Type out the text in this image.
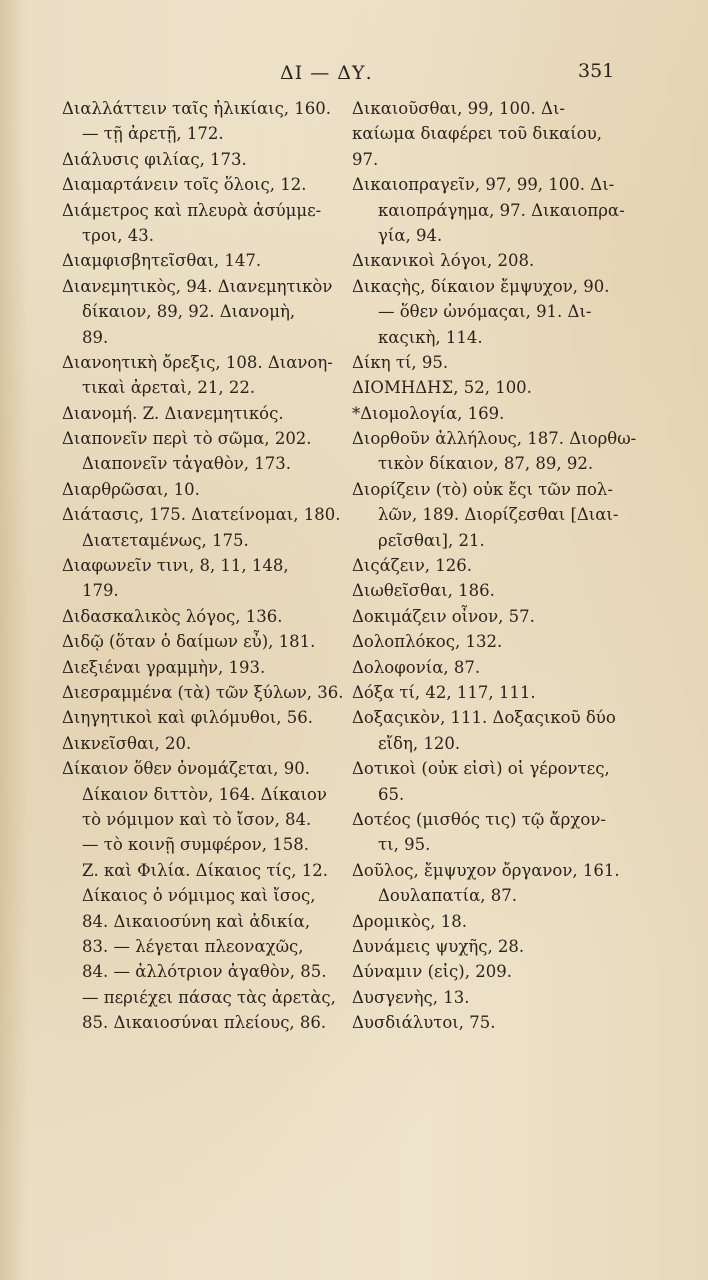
ΔΙ — ΔΥ.	351
Διαλλάττειν ταῖς ἡλικίαις, 160.
— τῇ ἀρετῇ, 172.
Διάλυσις φιλίας, 173.
Διαμαρτάνειν τοῖς ὅλοις, 12.
Διάμετρος καὶ πλευρὰ ἀσύμμε-
τροι, 43.
Διαμφισβητεῖσθαι, 147.
Διανεμητικὸς, 94. Διανεμητικὸν
δίκαιον, 89, 92. Διανομὴ,
89.
Διανοητικὴ ὄρεξις, 108. Διανοη-
τικαὶ ἀρεταὶ, 21, 22.
Διανομή. Ζ. Διανεμητικός.
Διαπονεῖν περὶ τὸ σῶμα, 202.
Διαπονεῖν τἀγαθὸν, 173.
Διαρθρῶσαι, 10.
Διάτασις, 175. Διατείνομαι, 180.
Διατεταμένως, 175.
Διαφωνεῖν τινι, 8, 11, 148,
179.
Διδασκαλικὸς λόγος, 136.
Διδῷ (ὅταν ὁ δαίμων εὖ), 181.
Διεξιέναι γραμμὴν, 193.
Διεσραμμένα (τὰ) τῶν ξύλων, 36.
Διηγητικοὶ καὶ φιλόμυθοι, 56.
Δικνεῖσθαι, 20.
Δίκαιον ὅθεν ὀνομάζεται, 90.
Δίκαιον διττὸν, 164. Δίκαιον
τὸ νόμιμον καὶ τὸ ἴσον, 84.
— τὸ κοινῇ συμφέρον, 158.
Ζ. καὶ Φιλία. Δίκαιος τίς, 12.
Δίκαιος ὁ νόμιμος καὶ ἴσος,
84. Δικαιοσύνη καὶ ἀδικία,
83. — λέγεται πλεοναχῶς,
84. — ἀλλότριον ἀγαθὸν, 85.
— περιέχει πάσας τὰς ἀρετὰς,
85. Δικαιοσύναι πλείους, 86.
Δικαιοῦσθαι, 99, 100. Δι-
καίωμα διαφέρει τοῦ δικαίου,
97.
Δικαιοπραγεῖν, 97, 99, 100. Δι-
καιοπράγημα, 97. Δικαιοπρα-
γία, 94.
Δικανικοὶ λόγοι, 208.
Δικαςὴς, δίκαιον ἔμψυχον, 90.
— ὅθεν ὠνόμαςαι, 91. Δι-
καςικὴ, 114.
Δίκη τί, 95.
ΔΙΟΜΗΔΗΣ, 52, 100.
*Διομολογία, 169.
Διορθοῦν ἀλλήλους, 187. Διορθω-
τικὸν δίκαιον, 87, 89, 92.
Διορίζειν (τὸ) οὐκ ἔςι τῶν πολ-
λῶν, 189. Διορίζεσθαι [Διαι-
ρεῖσθαι], 21.
Διςάζειν, 126.
Διωθεῖσθαι, 186.
Δοκιμάζειν οἶνον, 57.
Δολοπλόκος, 132.
Δολοφονία, 87.
Δόξα τί, 42, 117, 111.
Δοξαςικὸν, 111. Δοξαςικοῦ δύο
εἴδη, 120.
Δοτικοὶ (οὐκ εἰσὶ) οἱ γέροντες,
65.
Δοτέος (μισθός τις) τῷ ἄρχον-
τι, 95.
Δοῦλος, ἔμψυχον ὄργανον, 161.
Δουλαπατία, 87.
Δρομικὸς, 18.
Δυνάμεις ψυχῆς, 28.
Δύναμιν (εἰς), 209.
Δυσγενὴς, 13.
Δυσδιάλυτοι, 75.
